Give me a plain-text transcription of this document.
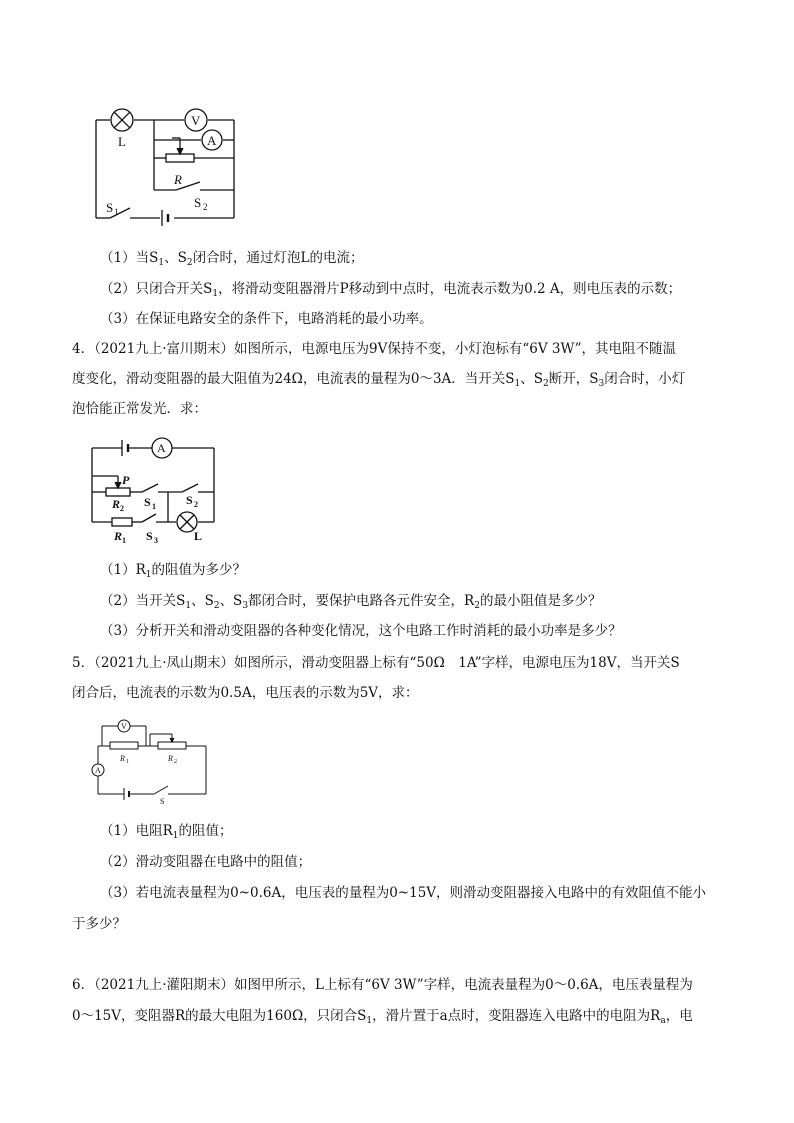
L
V
A
R
S 1
S 2
（1）当$S_1$、$S_2$闭合时，通过灯泡L的电流；
（2）只闭合开关$S_1$，将滑动变阻器滑片P移动到中点时，电流表示数为0.2 A，则电压表的示数；
（3）在保证电路安全的条件下，电路消耗的最小功率。
4．（2021九上·富川期末）如图所示，电源电压为9V保持不变，小灯泡标有“6V 3W”，其电阻不随温
度变化，滑动变阻器的最大阻值为24Ω，电流表的量程为0～3A．当开关$S_1$、$S_2$断开，$S_3$闭合时，小灯
泡恰能正常发光．求：
A
P
R 2 S 1	S 2
R 1 S 3	L
$(1)R_1$的阻值为多少？
（2）当开关$S_1$、$S_2$、$S_3$都闭合时，要保护电路各元件安全，$R_2$的最小阻值是多少？
（3）分析开关和滑动变阻器的各种变化情况，这个电路工作时消耗的最小功率是多少？
5．（2021九上·凤山期末）如图所示，滑动变阻器上标有“50Ω　1A”字样，电源电压为18V，当开关S
闭合后，电流表的示数为0.5A，电压表的示数为5V，求：
V
A
R 1	R 2
S
（1）电阻$R_1$的阻值；
（2）滑动变阻器在电路中的阻值；
（3）若电流表量程为0~0.6A，电压表的量程为0~15V，则滑动变阻器接入电路中的有效阻值不能小
于多少？
6．（2021九上·灌阳期末）如图甲所示，L上标有“6V 3W”字样，电流表量程为0～0.6A，电压表量程为
0～15V，变阻器R的最大电阻为160Ω，只闭合$S_1$，滑片置于a点时，变阻器连入电路中的电阻为$R_a$，电
